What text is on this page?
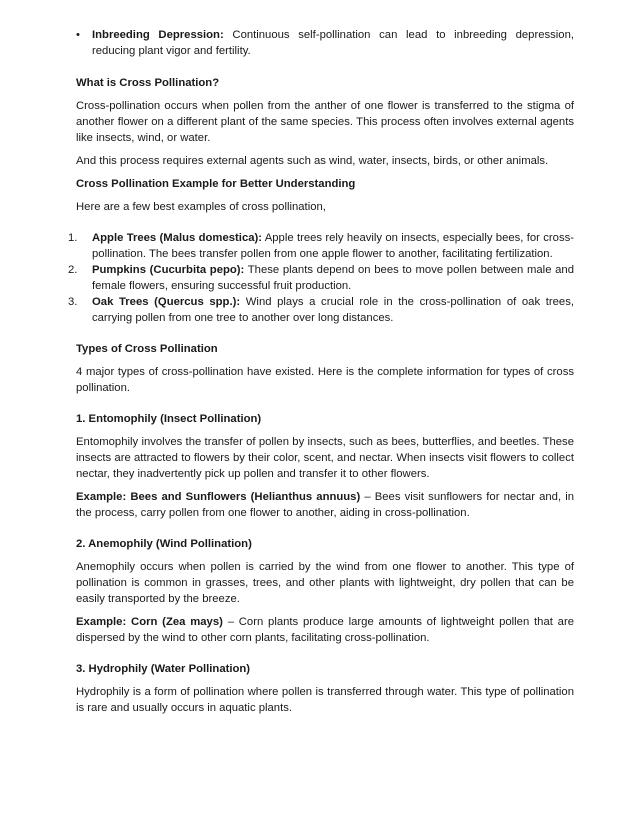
• Inbreeding Depression: Continuous self-pollination can lead to inbreeding depression, reducing plant vigor and fertility.
What is Cross Pollination?

Cross-pollination occurs when pollen from the anther of one flower is transferred to the stigma of another flower on a different plant of the same species. This process often involves external agents like insects, wind, or water.

And this process requires external agents such as wind, water, insects, birds, or other animals.

Cross Pollination Example for Better Understanding

Here are a few best examples of cross pollination,

1.	Apple Trees (Malus domestica): Apple trees rely heavily on insects, especially bees, for cross-pollination. The bees transfer pollen from one apple flower to another, facilitating fertilization.
2.	Pumpkins (Cucurbita pepo): These plants depend on bees to move pollen between male and female flowers, ensuring successful fruit production.
3.	Oak Trees (Quercus spp.): Wind plays a crucial role in the cross-pollination of oak trees, carrying pollen from one tree to another over long distances.
Types of Cross Pollination

4 major types of cross-pollination have existed. Here is the complete information for types of cross pollination.

1. Entomophily (Insect Pollination)

Entomophily involves the transfer of pollen by insects, such as bees, butterflies, and beetles. These insects are attracted to flowers by their color, scent, and nectar. When insects visit flowers to collect nectar, they inadvertently pick up pollen and transfer it to other flowers.

Example: Bees and Sunflowers (Helianthus annuus) – Bees visit sunflowers for nectar and, in the process, carry pollen from one flower to another, aiding in cross-pollination.

2. Anemophily (Wind Pollination)

Anemophily occurs when pollen is carried by the wind from one flower to another. This type of pollination is common in grasses, trees, and other plants with lightweight, dry pollen that can be easily transported by the breeze.

Example: Corn (Zea mays) – Corn plants produce large amounts of lightweight pollen that are dispersed by the wind to other corn plants, facilitating cross-pollination.

3. Hydrophily (Water Pollination)

Hydrophily is a form of pollination where pollen is transferred through water. This type of pollination is rare and usually occurs in aquatic plants.
